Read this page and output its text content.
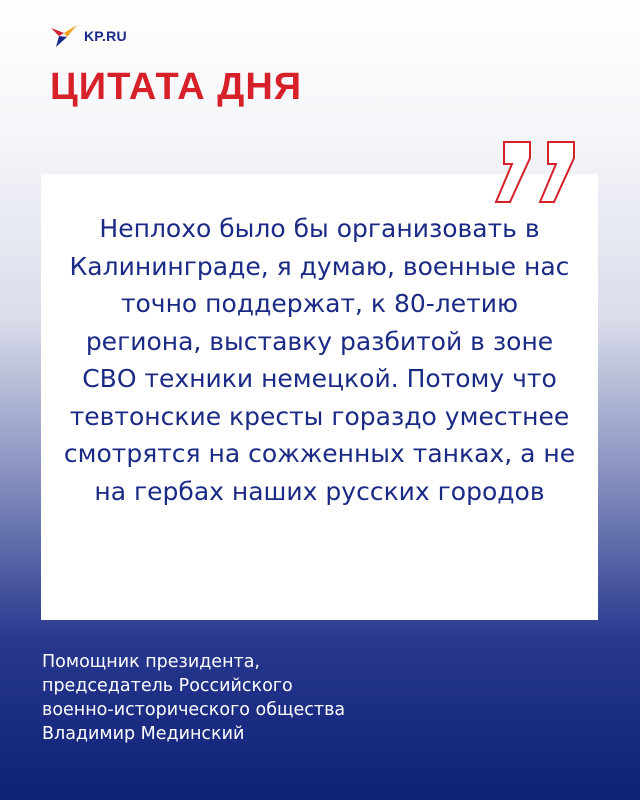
KP.RU
ЦИТАТА ДНЯ

Неплохо было бы организовать в Калининграде, я думаю, военные нас точно поддержат, к 80-летию региона, выставку разбитой в зоне СВО техники немецкой. Потому что тевтонские кресты гораздо уместнее смотрятся на сожженных танках, а не на гербах наших русских городов

Помощник президента,
председатель Российского
военно-исторического общества
Владимир Мединский
